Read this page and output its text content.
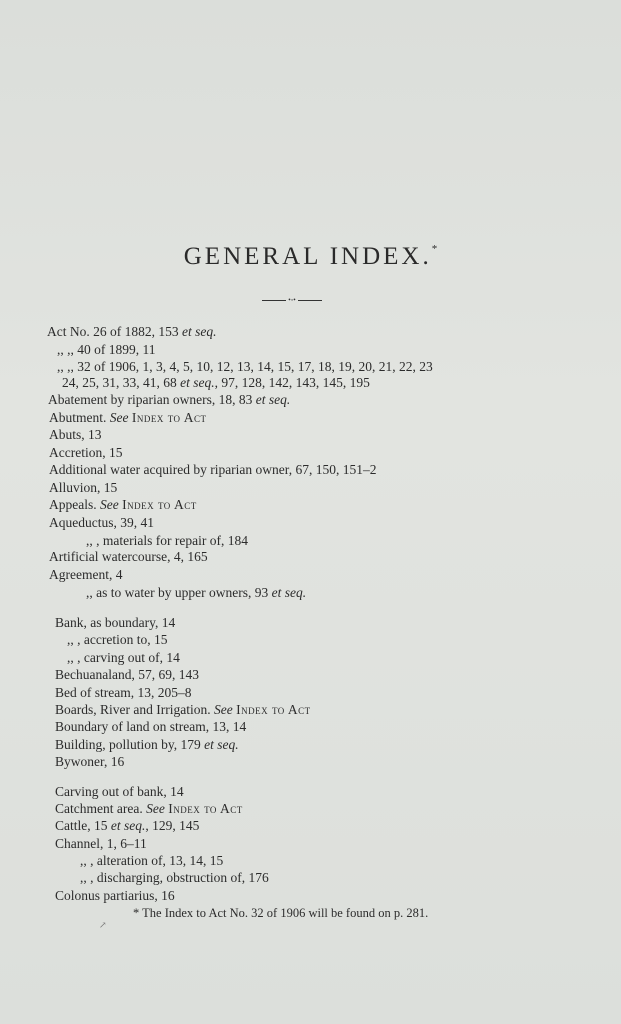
GENERAL INDEX.*
•◦•
Act No. 26 of 1882, 153 et seq.
,, ,, 40 of 1899, 11
,, ,, 32 of 1906, 1, 3, 4, 5, 10, 12, 13, 14, 15, 17, 18, 19, 20, 21, 22, 23
24, 25, 31, 33, 41, 68 et seq., 97, 128, 142, 143, 145, 195
Abatement by riparian owners, 18, 83 et seq.
Abutment. See Index to Act
Abuts, 13
Accretion, 15
Additional water acquired by riparian owner, 67, 150, 151–2
Alluvion, 15
Appeals. See Index to Act
Aqueductus, 39, 41
,, , materials for repair of, 184
Artificial watercourse, 4, 165
Agreement, 4
,, as to water by upper owners, 93 et seq.
Bank, as boundary, 14
,, , accretion to, 15
,, , carving out of, 14
Bechuanaland, 57, 69, 143
Bed of stream, 13, 205–8
Boards, River and Irrigation. See Index to Act
Boundary of land on stream, 13, 14
Building, pollution by, 179 et seq.
Bywoner, 16
Carving out of bank, 14
Catchment area. See Index to Act
Cattle, 15 et seq., 129, 145
Channel, 1, 6–11
,, , alteration of, 13, 14, 15
,, , discharging, obstruction of, 176
Colonus partiarius, 16
↗
* The Index to Act No. 32 of 1906 will be found on p. 281.
